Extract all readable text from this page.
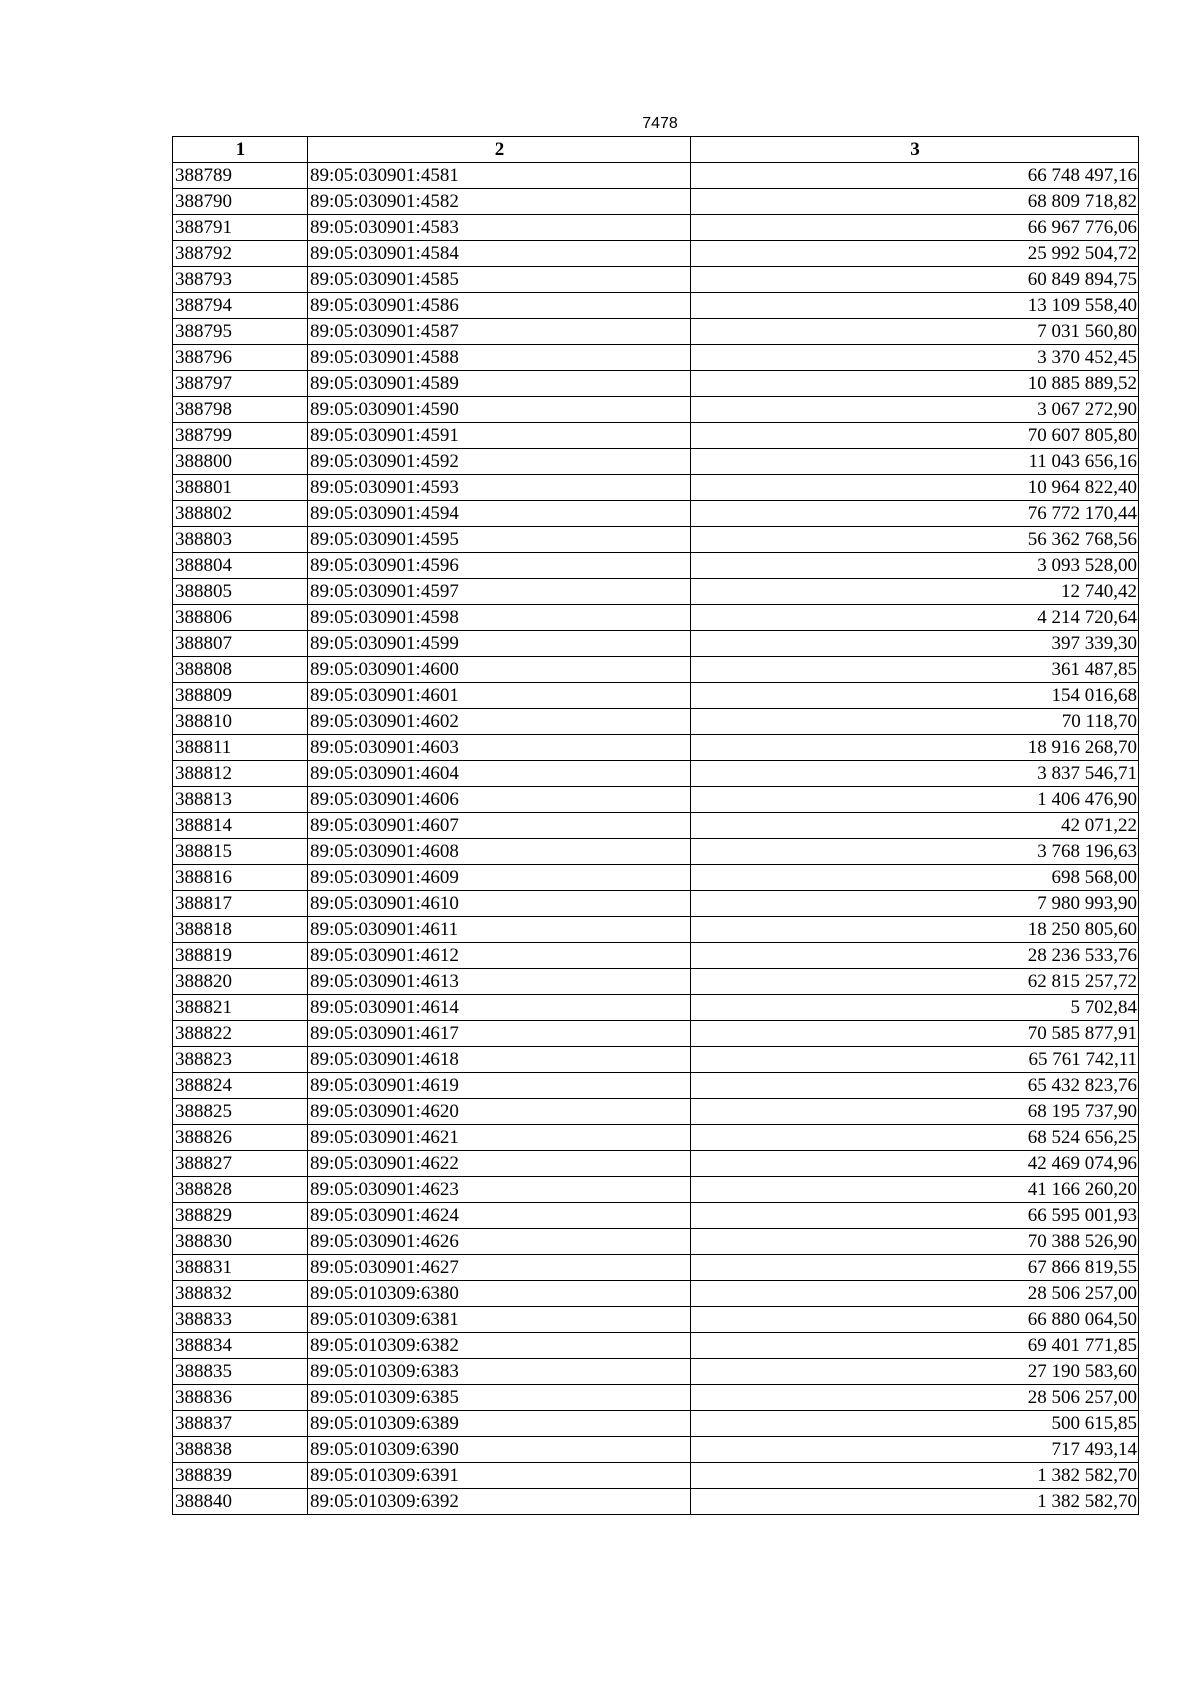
7478
1	2	3
388789	89:05:030901:4581	66 748 497,16
388790	89:05:030901:4582	68 809 718,82
388791	89:05:030901:4583	66 967 776,06
388792	89:05:030901:4584	25 992 504,72
388793	89:05:030901:4585	60 849 894,75
388794	89:05:030901:4586	13 109 558,40
388795	89:05:030901:4587	7 031 560,80
388796	89:05:030901:4588	3 370 452,45
388797	89:05:030901:4589	10 885 889,52
388798	89:05:030901:4590	3 067 272,90
388799	89:05:030901:4591	70 607 805,80
388800	89:05:030901:4592	11 043 656,16
388801	89:05:030901:4593	10 964 822,40
388802	89:05:030901:4594	76 772 170,44
388803	89:05:030901:4595	56 362 768,56
388804	89:05:030901:4596	3 093 528,00
388805	89:05:030901:4597	12 740,42
388806	89:05:030901:4598	4 214 720,64
388807	89:05:030901:4599	397 339,30
388808	89:05:030901:4600	361 487,85
388809	89:05:030901:4601	154 016,68
388810	89:05:030901:4602	70 118,70
388811	89:05:030901:4603	18 916 268,70
388812	89:05:030901:4604	3 837 546,71
388813	89:05:030901:4606	1 406 476,90
388814	89:05:030901:4607	42 071,22
388815	89:05:030901:4608	3 768 196,63
388816	89:05:030901:4609	698 568,00
388817	89:05:030901:4610	7 980 993,90
388818	89:05:030901:4611	18 250 805,60
388819	89:05:030901:4612	28 236 533,76
388820	89:05:030901:4613	62 815 257,72
388821	89:05:030901:4614	5 702,84
388822	89:05:030901:4617	70 585 877,91
388823	89:05:030901:4618	65 761 742,11
388824	89:05:030901:4619	65 432 823,76
388825	89:05:030901:4620	68 195 737,90
388826	89:05:030901:4621	68 524 656,25
388827	89:05:030901:4622	42 469 074,96
388828	89:05:030901:4623	41 166 260,20
388829	89:05:030901:4624	66 595 001,93
388830	89:05:030901:4626	70 388 526,90
388831	89:05:030901:4627	67 866 819,55
388832	89:05:010309:6380	28 506 257,00
388833	89:05:010309:6381	66 880 064,50
388834	89:05:010309:6382	69 401 771,85
388835	89:05:010309:6383	27 190 583,60
388836	89:05:010309:6385	28 506 257,00
388837	89:05:010309:6389	500 615,85
388838	89:05:010309:6390	717 493,14
388839	89:05:010309:6391	1 382 582,70
388840	89:05:010309:6392	1 382 582,70
